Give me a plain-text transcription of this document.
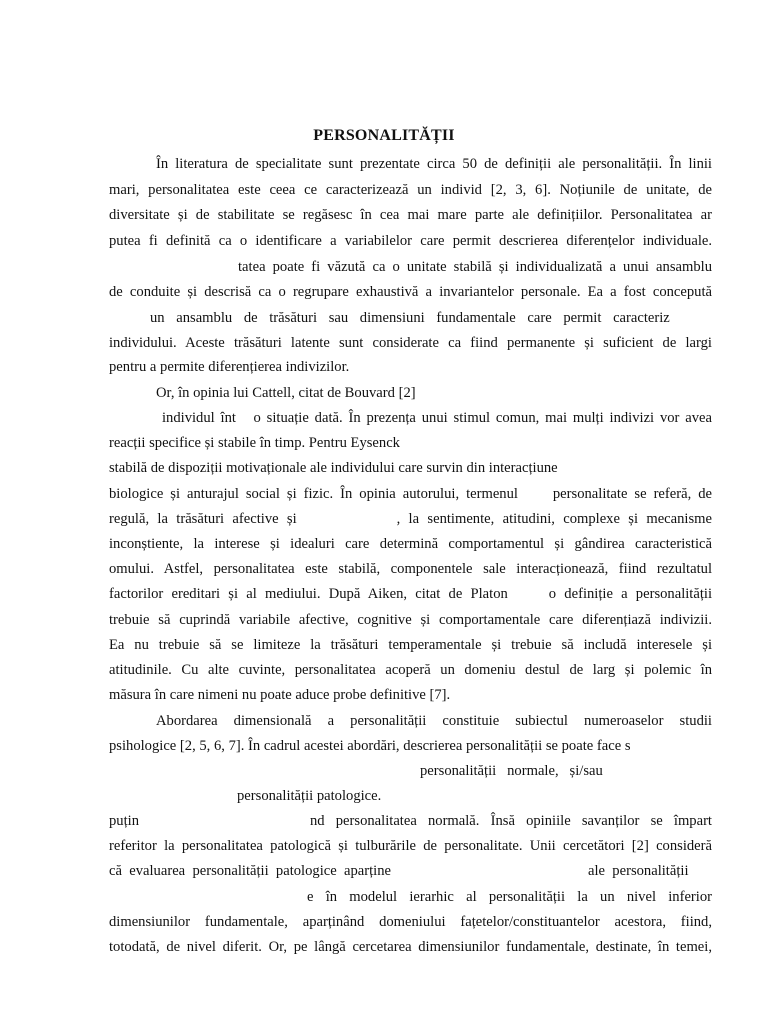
PERSONALITĂȚII
În literatura de specialitate sunt prezentate circa 50 de definiții ale personalității. În linii
mari, personalitatea este ceea ce caracterizează un individ [2, 3, 6]. Noțiunile de unitate, de
diversitate și de stabilitate se regăsesc în cea mai mare parte ale definițiilor. Personalitatea ar
putea fi definită ca o identificare a variabilelor care permit descrierea diferențelor individuale.
tatea poate fi văzută ca o unitate stabilă și individualizată a unui ansamblu
de conduite și descrisă ca o regrupare exhaustivă a invariantelor personale. Ea a fost concepută
un ansamblu de trăsături sau dimensiuni fundamentale care permit caracteriz
individului. Aceste trăsături latente sunt considerate ca fiind permanente și suficient de largi
pentru a permite diferențierea indivizilor.
Or, în opinia lui Cattell, citat de Bouvard [2]
individul înt   o situație dată. În prezența unui stimul comun, mai mulți indivizi vor avea
reacții specifice și stabile în timp. Pentru Eysenck
stabilă de dispoziții motivaționale ale individului care survin din interacțiune
biologice și anturajul social și fizic. În opinia autorului, termenul     personalitate se referă, de
regulă, la trăsături afective și            , la sentimente, atitudini, complexe și mecanisme
inconștiente, la interese și idealuri care determină comportamentul și gândirea caracteristică
omului. Astfel, personalitatea este stabilă, componentele sale interacționează, fiind rezultatul
factorilor ereditari și al mediului. După Aiken, citat de Platon     o definiție a personalității
trebuie să cuprindă variabile afective, cognitive și comportamentale care diferențiază indivizii.
Ea nu trebuie să se limiteze la trăsături temperamentale și trebuie să includă interesele și
atitudinile. Cu alte cuvinte, personalitatea acoperă un domeniu destul de larg și polemic în
măsura în care nimeni nu poate aduce probe definitive [7].
Abordarea dimensională a personalității constituie subiectul numeroaselor studii
psihologice [2, 5, 6, 7]. În cadrul acestei abordări, descrierea personalității se poate face s
personalității   normale,   și/sau
personalității patologice.
puțin	nd personalitatea normală. Însă opiniile savanților se împart
referitor la personalitatea patologică și tulburările de personalitate. Unii cercetători [2] consideră
că  evaluarea  personalității  patologice  aparține	ale  personalității
e în modelul ierarhic al personalității la un nivel inferior
dimensiunilor fundamentale, aparținând domeniului fațetelor/constituantelor acestora, fiind,
totodată, de nivel diferit. Or, pe lângă cercetarea dimensiunilor fundamentale, destinate, în temei,
